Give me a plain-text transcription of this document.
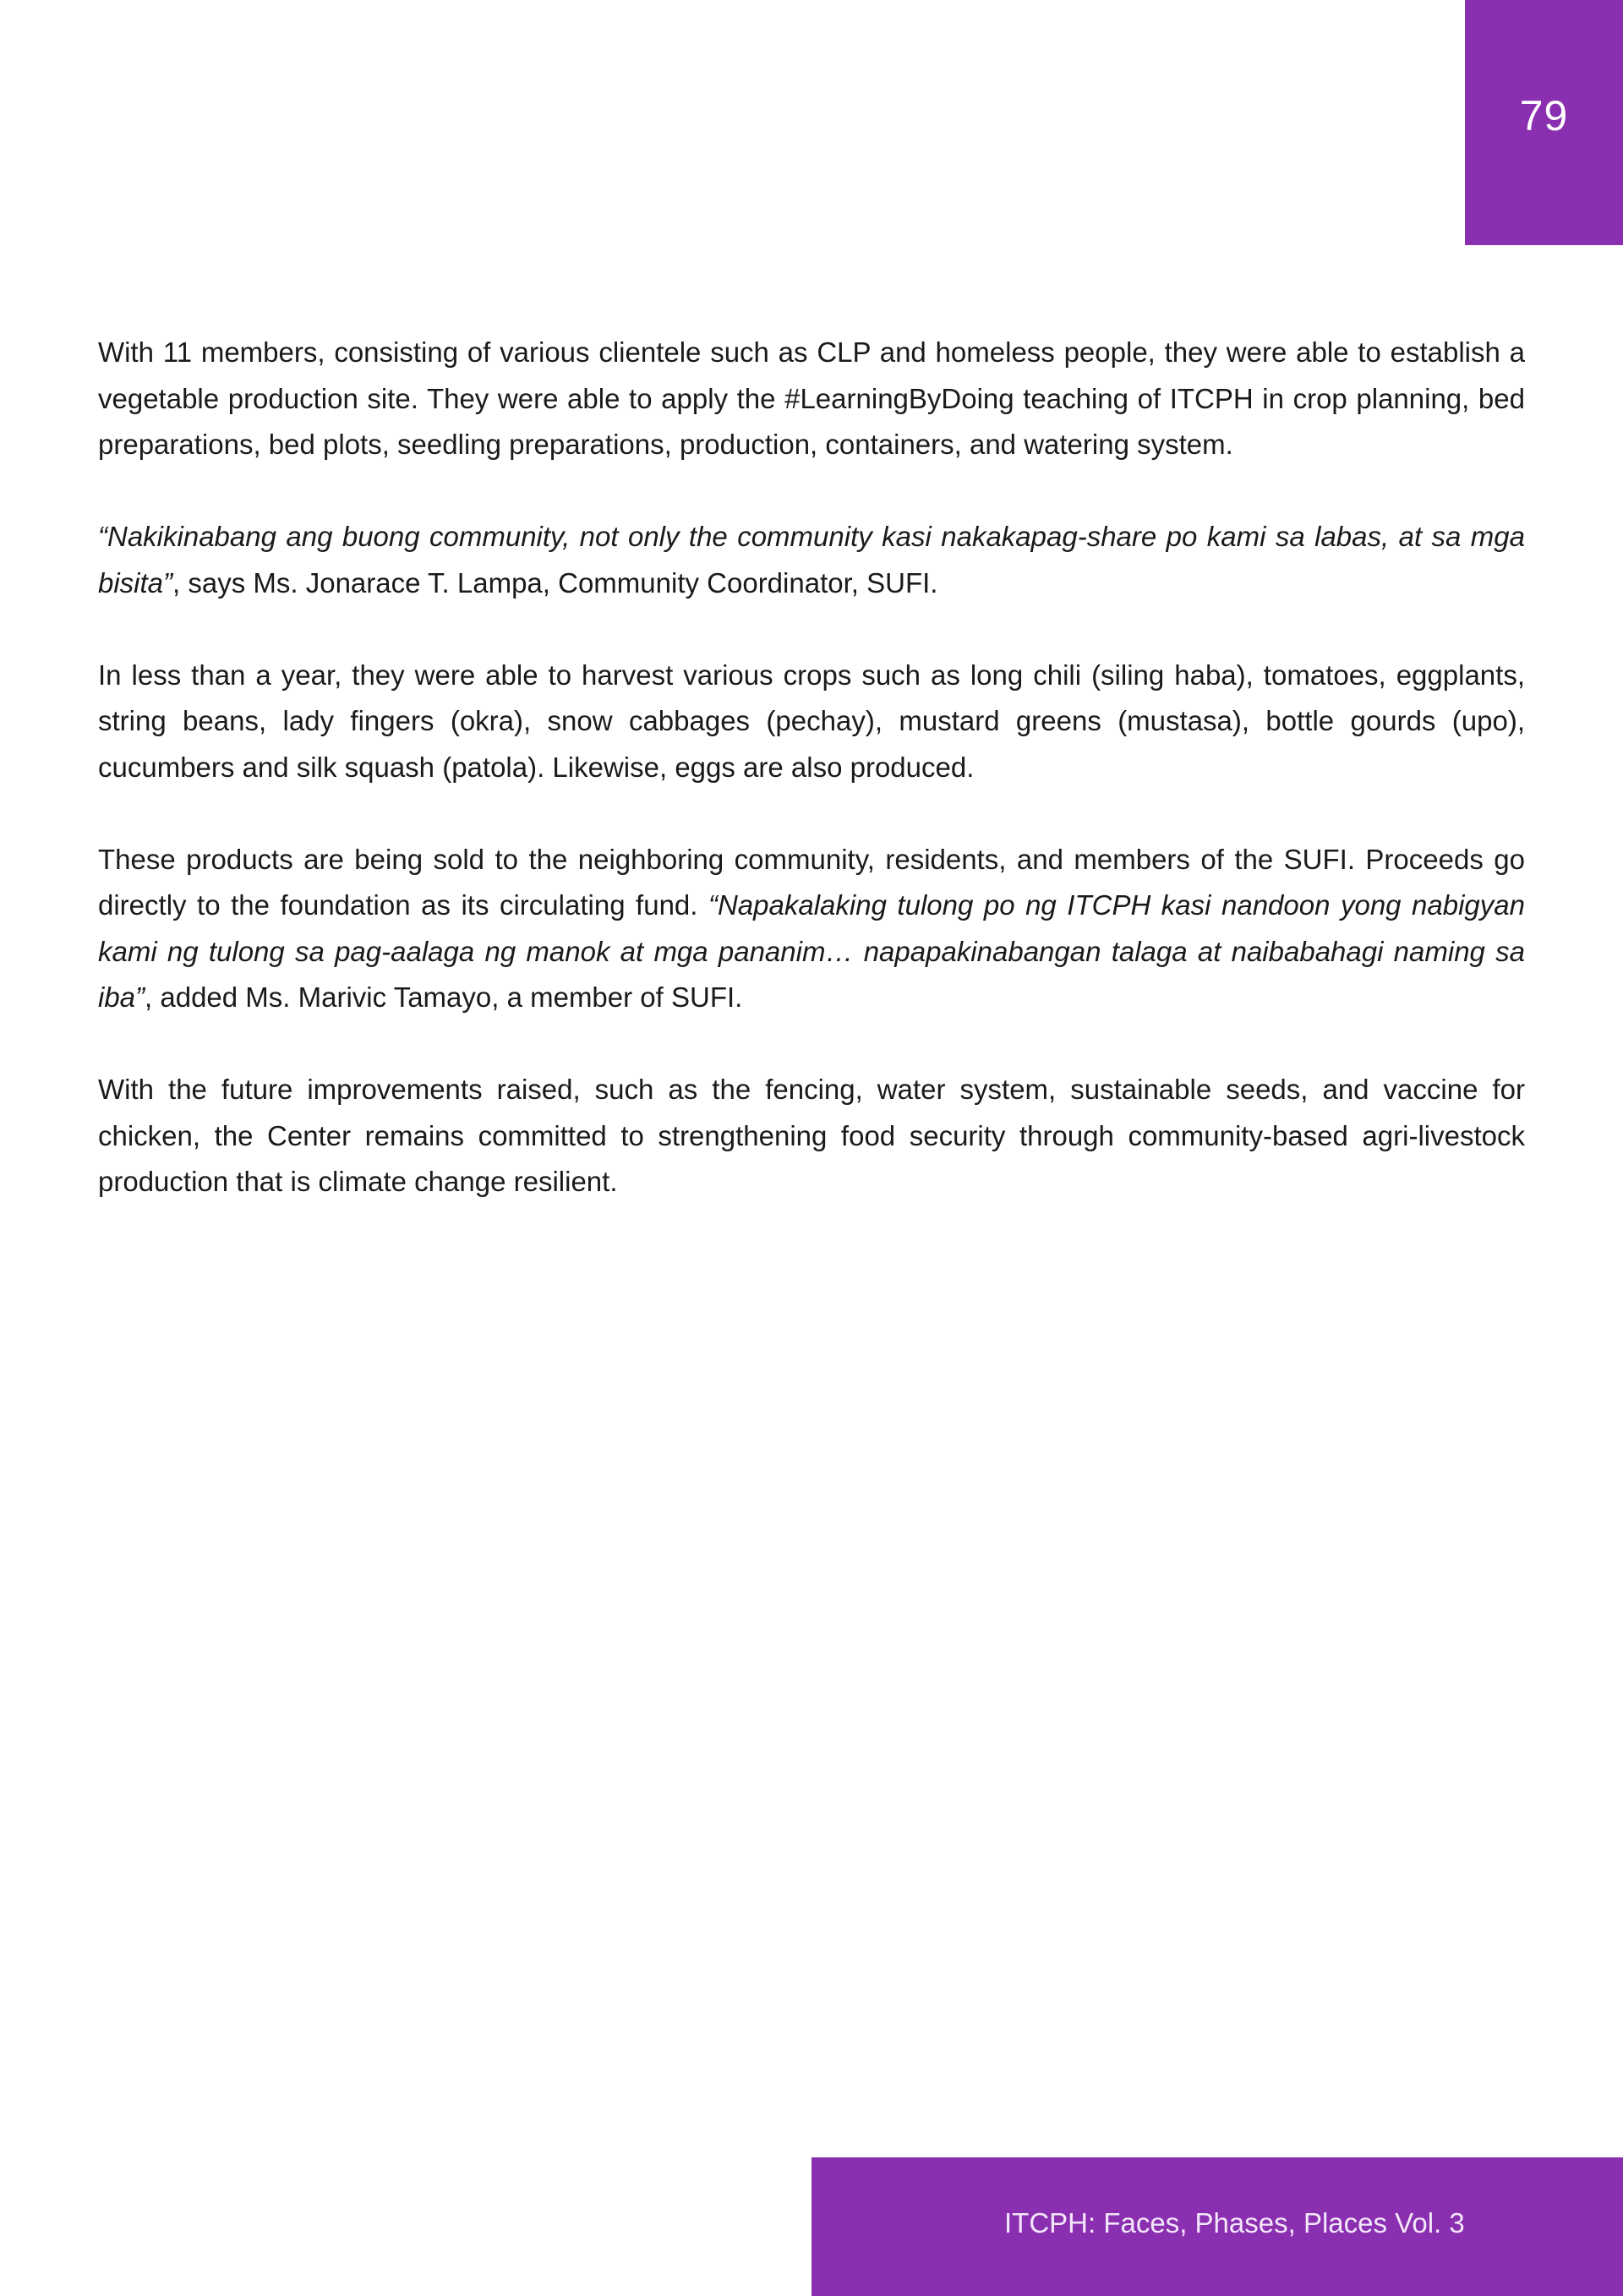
79

With 11 members, consisting of various clientele such as CLP and homeless people, they were able to establish a vegetable production site. They were able to apply the #LearningByDoing teaching of ITCPH in crop planning, bed preparations, bed plots, seedling preparations, production, containers, and watering system.

“Nakikinabang ang buong community, not only the community kasi nakakapag-share po kami sa labas, at sa mga bisita”, says Ms. Jonarace T. Lampa, Community Coordinator, SUFI.

In less than a year, they were able to harvest various crops such as long chili (siling haba), tomatoes, eggplants, string beans, lady fingers (okra), snow cabbages (pechay), mustard greens (mustasa), bottle gourds (upo), cucumbers and silk squash (patola). Likewise, eggs are also produced.

These products are being sold to the neighboring community, residents, and members of the SUFI. Proceeds go directly to the foundation as its circulating fund. “Napakalaking tulong po ng ITCPH kasi nandoon yong nabigyan kami ng tulong sa pag-aalaga ng manok at mga pananim… napapakinabangan talaga at naibabahagi naming sa iba”, added Ms. Marivic Tamayo, a member of SUFI.

With the future improvements raised, such as the fencing, water system, sustainable seeds, and vaccine for chicken, the Center remains committed to strengthening food security through community-based agri-livestock production that is climate change resilient.

ITCPH: Faces, Phases, Places Vol. 3
